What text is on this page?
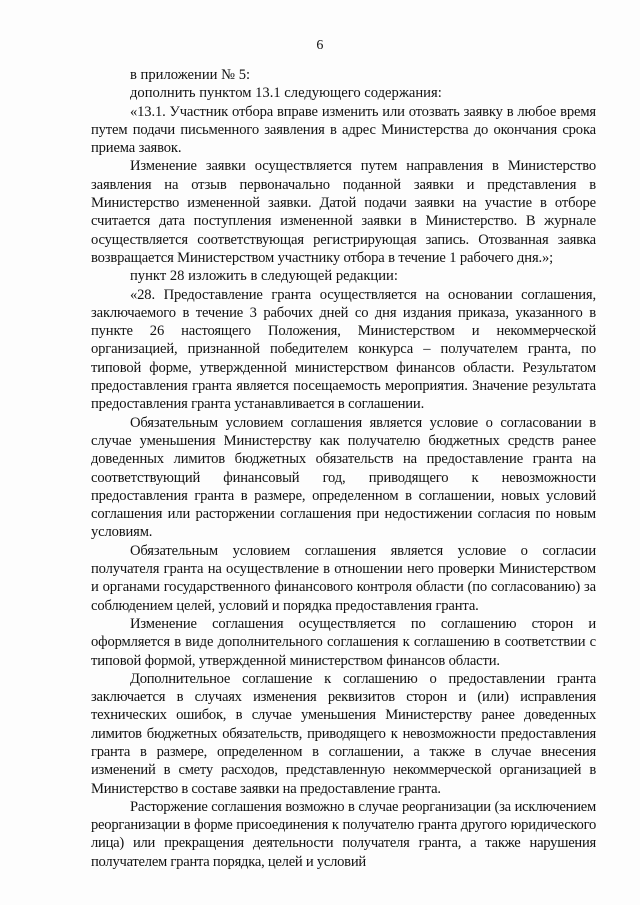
6

в приложении № 5:

дополнить пунктом 13.1 следующего содержания:

«13.1. Участник отбора вправе изменить или отозвать заявку в любое время путем подачи письменного заявления в адрес Министерства до окончания срока приема заявок.

Изменение заявки осуществляется путем направления в Министерство заявления на отзыв первоначально поданной заявки и представления в Министерство измененной заявки. Датой подачи заявки на участие в отборе считается дата поступления измененной заявки в Министерство. В журнале осуществляется соответствующая регистрирующая запись. Отозванная заявка возвращается Министерством участнику отбора в течение 1 рабочего дня.»;

пункт 28 изложить в следующей редакции:

«28. Предоставление гранта осуществляется на основании соглашения, заключаемого в течение 3 рабочих дней со дня издания приказа, указанного в пункте 26 настоящего Положения, Министерством и некоммерческой организацией, признанной победителем конкурса – получателем гранта, по типовой форме, утвержденной министерством финансов области. Результатом предоставления гранта является посещаемость мероприятия. Значение результата предоставления гранта устанавливается в соглашении.

Обязательным условием соглашения является условие о согласовании в случае уменьшения Министерству как получателю бюджетных средств ранее доведенных лимитов бюджетных обязательств на предоставление гранта на соответствующий финансовый год, приводящего к невозможности предоставления гранта в размере, определенном в соглашении, новых условий соглашения или расторжении соглашения при недостижении согласия по новым условиям.

Обязательным условием соглашения является условие о согласии получателя гранта на осуществление в отношении него проверки Министерством и органами государственного финансового контроля области (по согласованию) за соблюдением целей, условий и порядка предоставления гранта.

Изменение соглашения осуществляется по соглашению сторон и оформляется в виде дополнительного соглашения к соглашению в соответствии с типовой формой, утвержденной министерством финансов области.

Дополнительное соглашение к соглашению о предоставлении гранта заключается в случаях изменения реквизитов сторон и (или) исправления технических ошибок, в случае уменьшения Министерству ранее доведенных лимитов бюджетных обязательств, приводящего к невозможности предоставления гранта в размере, определенном в соглашении, а также в случае внесения изменений в смету расходов, представленную некоммерческой организацией в Министерство в составе заявки на предоставление гранта.

Расторжение соглашения возможно в случае реорганизации (за исключением реорганизации в форме присоединения к получателю гранта другого юридического лица) или прекращения деятельности получателя гранта, а также нарушения получателем гранта порядка, целей и условий
